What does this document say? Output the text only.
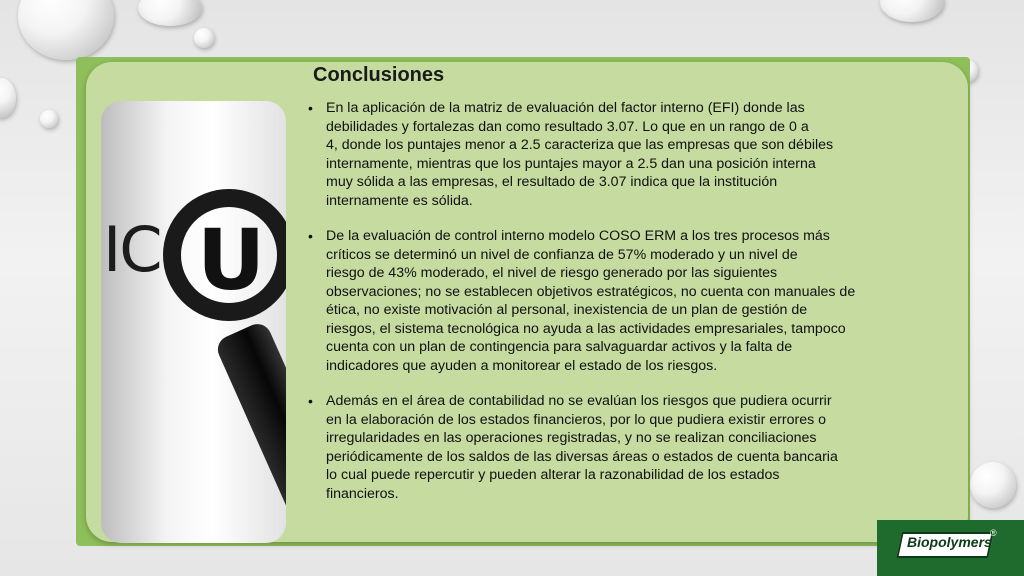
IC U
Conclusiones
• En la aplicación de la matriz de evaluación del factor interno (EFI) donde las
debilidades y fortalezas dan como resultado 3.07. Lo que en un rango de 0 a
4, donde los puntajes menor a 2.5 caracteriza que las empresas que son débiles
internamente, mientras que los puntajes mayor a 2.5 dan una posición interna
muy sólida a las empresas, el resultado de 3.07 indica que la institución
internamente es sólida.
• De la evaluación de control interno modelo COSO ERM a los tres procesos más
críticos se determinó un nivel de confianza de 57% moderado y un nivel de
riesgo de 43% moderado, el nivel de riesgo generado por las siguientes
observaciones; no se establecen objetivos estratégicos, no cuenta con manuales de
ética, no existe motivación al personal, inexistencia de un plan de gestión de
riesgos, el sistema tecnológica no ayuda a las actividades empresariales, tampoco
cuenta con un plan de contingencia para salvaguardar activos y la falta de
indicadores que ayuden a monitorear el estado de los riesgos.
• Además en el área de contabilidad no se evalúan los riesgos que pudiera ocurrir
en la elaboración de los estados financieros, por lo que pudiera existir errores o
irregularidades en las operaciones registradas, y no se realizan conciliaciones
periódicamente de los saldos de las diversas áreas o estados de cuenta bancaria
lo cual puede repercutir y pueden alterar la razonabilidad de los estados
financieros.
Biopolymers
®
